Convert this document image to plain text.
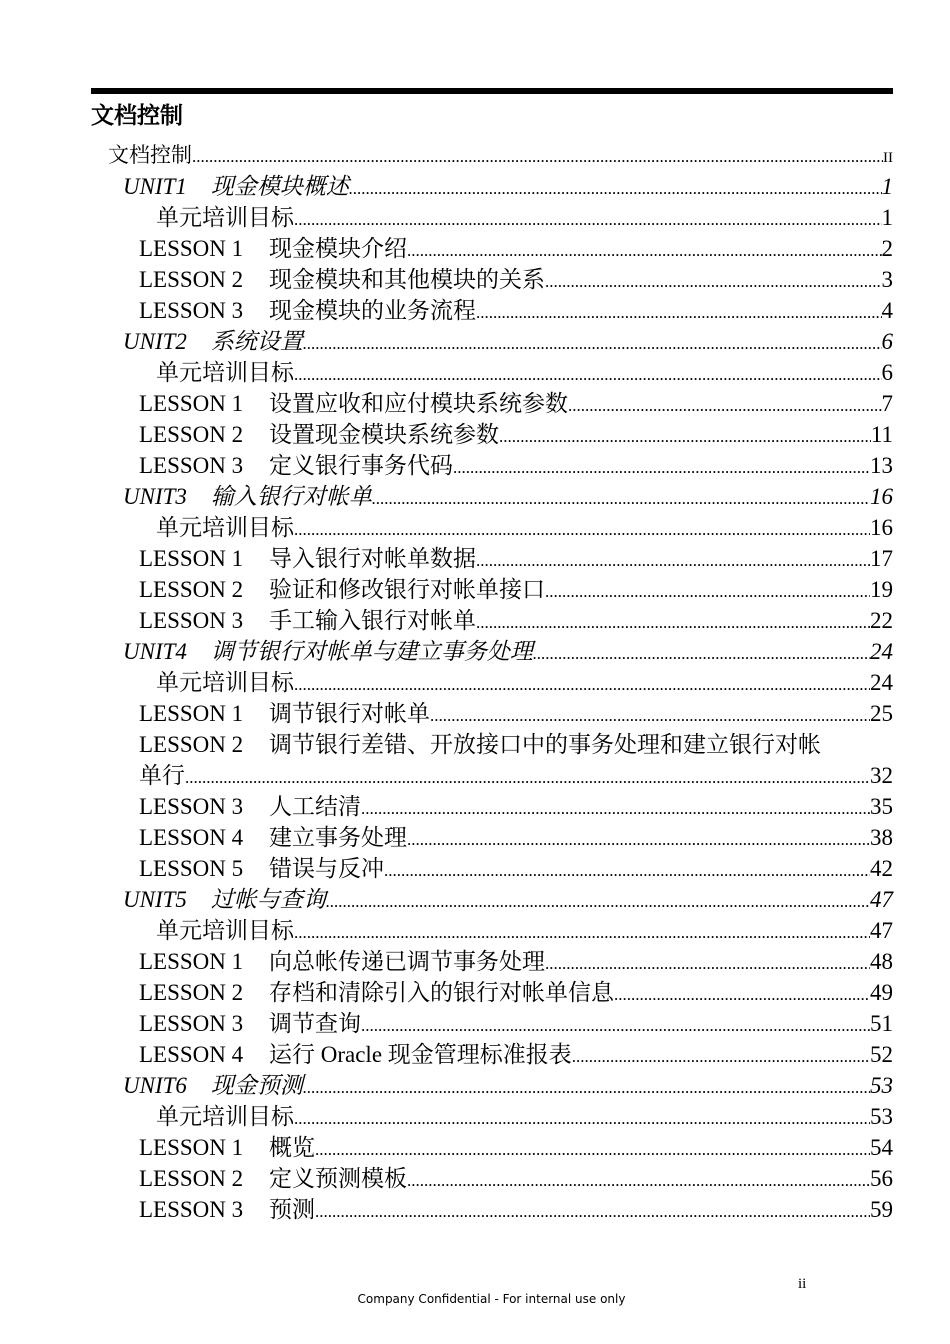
文档控制
文档控制 .....	II
UNIT1 现金模块概述 .....	1
单元培训目标 .....	1
LESSON 1 现金模块介绍 .....	2
LESSON 2 现金模块和其他模块的关系 .....	3
LESSON 3 现金模块的业务流程 .....	4
UNIT2 系统设置 .....	6
单元培训目标 .....	6
LESSON 1 设置应收和应付模块系统参数 .....	7
LESSON 2 设置现金模块系统参数 .....	11
LESSON 3 定义银行事务代码 .....	13
UNIT3 输入银行对帐单 .....	16
单元培训目标 .....	16
LESSON 1 导入银行对帐单数据 .....	17
LESSON 2 验证和修改银行对帐单接口 .....	19
LESSON 3 手工输入银行对帐单 .....	22
UNIT4 调节银行对帐单与建立事务处理 .....	24
单元培训目标 .....	24
LESSON 1 调节银行对帐单 .....	25
LESSON 2 调节银行差错、开放接口中的事务处理和建立银行对帐
单行 .....	32
LESSON 3 人工结清 .....	35
LESSON 4 建立事务处理 .....	38
LESSON 5 错误与反冲 .....	42
UNIT5 过帐与查询 .....	47
单元培训目标 .....	47
LESSON 1 向总帐传递已调节事务处理 .....	48
LESSON 2 存档和清除引入的银行对帐单信息 .....	49
LESSON 3 调节查询 .....	51
LESSON 4 运行 Oracle 现金管理标准报表 .....	52
UNIT6 现金预测 .....	53
单元培训目标 .....	53
LESSON 1 概览 .....	54
LESSON 2 定义预测模板 .....	56
LESSON 3 预测 .....	59
ii
Company Confidential - For internal use only
